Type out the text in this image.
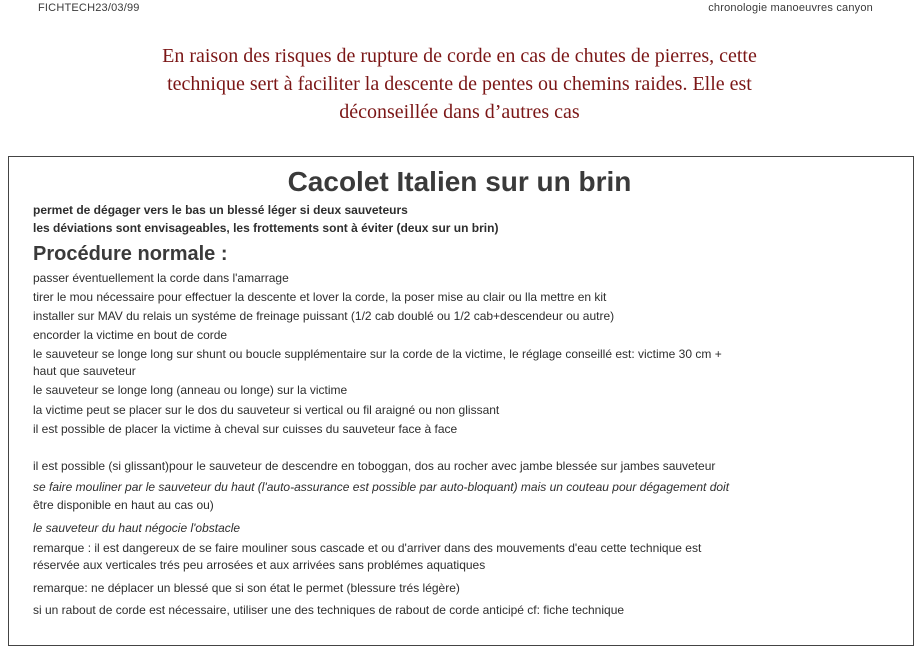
FICHTECH23/03/99	chronologie manoeuvres canyon
En raison des risques de rupture de corde en cas de chutes de pierres, cette
technique sert à faciliter la descente de pentes ou chemins raides. Elle est
déconseillée dans d’autres cas
Cacolet Italien sur un brin
permet de dégager vers le bas un blessé léger si deux sauveteurs
les déviations sont envisageables, les frottements sont à éviter (deux sur un brin)
Procédure normale :
passer éventuellement la corde dans l'amarrage
tirer le mou nécessaire pour effectuer la descente et lover la corde, la poser mise au clair ou lla mettre en kit
installer sur MAV du relais un systéme de freinage puissant (1/2 cab doublé ou 1/2 cab+descendeur ou autre)
encorder la victime en bout de corde
le sauveteur se longe long sur shunt ou boucle supplémentaire sur la corde de la victime, le réglage conseillé est: victime 30 cm +
haut que sauveteur
le sauveteur se longe long (anneau ou longe) sur la victime
la victime peut se placer sur le dos du sauveteur si vertical ou fil araigné ou non glissant
il est possible de placer la victime à cheval sur cuisses du sauveteur face à face
il est possible (si glissant)pour le sauveteur de descendre en toboggan, dos au rocher avec jambe blessée sur jambes sauveteur
se faire mouliner par le sauveteur du haut (l'auto-assurance est possible par auto-bloquant) mais un couteau pour dégagement doit
être disponible en haut au cas ou)
le sauveteur du haut négocie l'obstacle
remarque : il est dangereux de se faire mouliner sous cascade et ou d'arriver dans des mouvements d'eau cette technique est
réservée aux verticales trés peu arrosées et aux arrivées sans problémes aquatiques
remarque: ne déplacer un blessé que si son état le permet (blessure trés légère)
si un rabout de corde est nécessaire, utiliser une des techniques de rabout de corde anticipé cf: fiche technique
